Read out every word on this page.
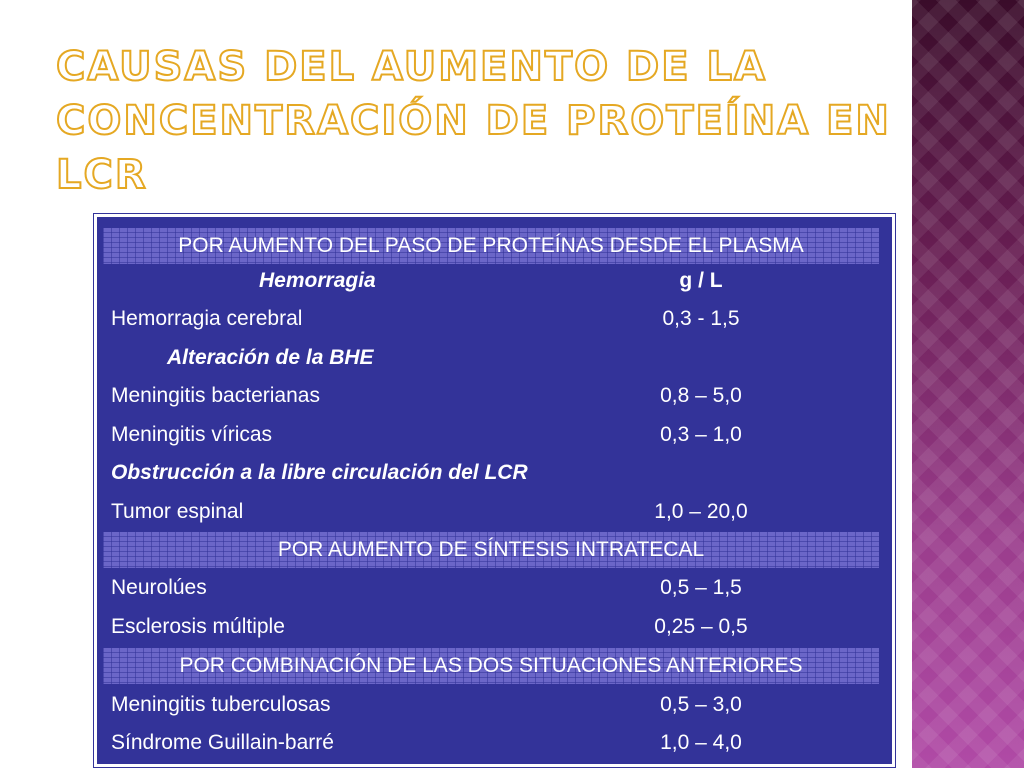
CAUSAS DEL AUMENTO DE LA CONCENTRACIÓN DE PROTEÍNA EN LCR
POR AUMENTO DEL PASO DE PROTEÍNAS DESDE EL PLASMA
Hemorragia	g / L
Hemorragia cerebral	0,3 - 1,5
Alteración de la BHE
Meningitis bacterianas	0,8 – 5,0
Meningitis víricas	0,3 – 1,0
Obstrucción a la libre circulación del LCR
Tumor espinal	1,0 – 20,0
POR AUMENTO DE SÍNTESIS INTRATECAL
Neurolúes	0,5 – 1,5
Esclerosis múltiple	0,25 – 0,5
POR COMBINACIÓN DE LAS DOS SITUACIONES ANTERIORES
Meningitis tuberculosas	0,5 – 3,0
Síndrome Guillain-barré	1,0 – 4,0
